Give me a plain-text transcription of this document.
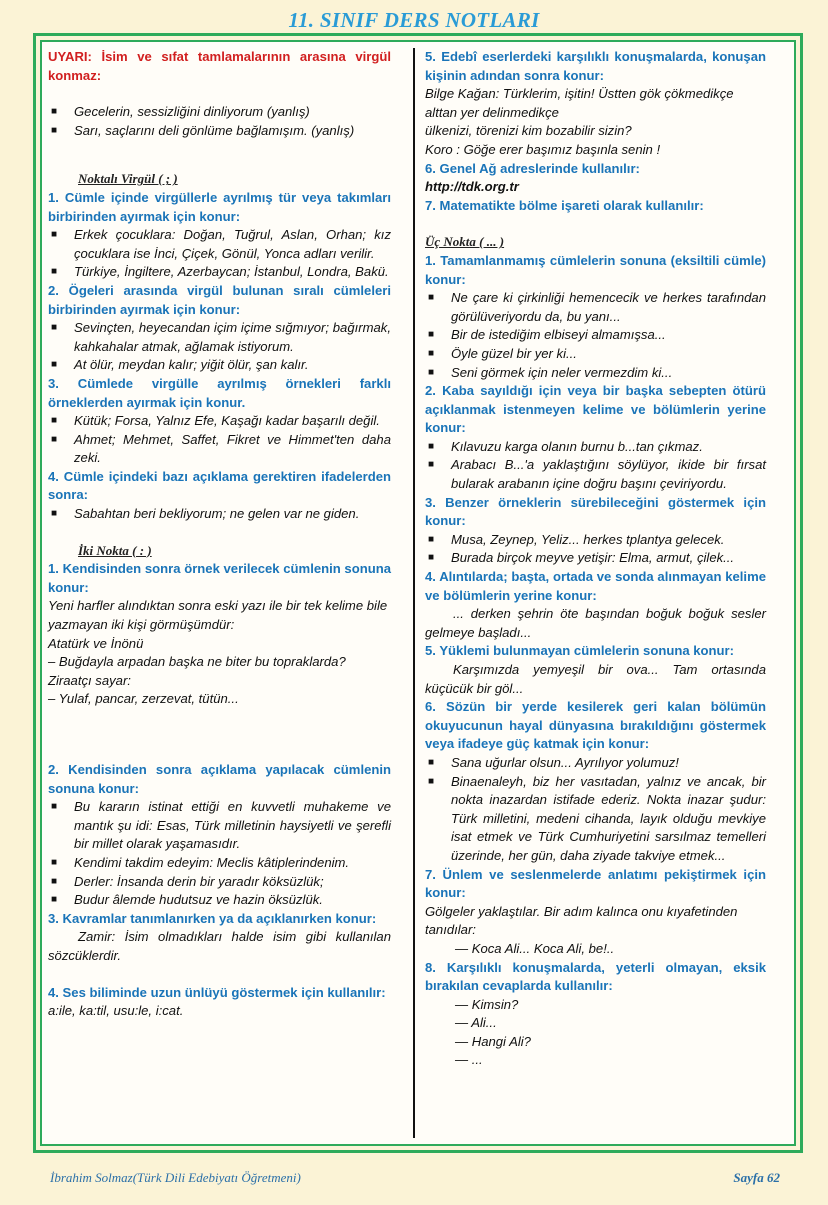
11. SINIF DERS NOTLARI

UYARI: İsim ve sıfat tamlamalarının arasına virgül konmaz:

■ Gecelerin, sessizliğini dinliyorum (yanlış)
■ Sarı, saçlarını deli gönlüme bağlamışım. (yanlış)

Noktalı Virgül ( ; )

1. Cümle içinde virgüllerle ayrılmış tür veya takımları birbirinden ayırmak için konur:

■ Erkek çocuklara: Doğan, Tuğrul, Aslan, Orhan; kız çocuklara ise İnci, Çiçek, Gönül, Yonca adları verilir.
■ Türkiye, İngiltere, Azerbaycan; İstanbul, Londra, Bakü.

2. Ögeleri arasında virgül bulunan sıralı cümleleri birbirinden ayırmak için konur:

■ Sevinçten, heyecandan içim içime sığmıyor; bağırmak, kahkahalar atmak, ağlamak istiyorum.
■ At ölür, meydan kalır; yiğit ölür, şan kalır.

3. Cümlede virgülle ayrılmış örnekleri farklı örneklerden ayırmak için konur.

■ Kütük; Forsa, Yalnız Efe, Kaşağı kadar başarılı değil.
■ Ahmet; Mehmet, Saffet, Fikret ve Himmet'ten daha zeki.

4. Cümle içindeki bazı açıklama gerektiren ifadelerden sonra:

■ Sabahtan beri bekliyorum; ne gelen var ne giden.

İki Nokta ( : )

1. Kendisinden sonra örnek verilecek cümlenin sonuna konur:

Yeni harfler alındıktan sonra eski yazı ile bir tek kelime bile yazmayan iki kişi görmüşümdür:

Atatürk ve İnönü

– Buğdayla arpadan başka ne biter bu topraklarda?

Ziraatçı sayar:

– Yulaf, pancar, zerzevat, tütün...

2. Kendisinden sonra açıklama yapılacak cümlenin sonuna konur:

■ Bu kararın istinat ettiği en kuvvetli muhakeme ve mantık şu idi: Esas, Türk milletinin haysiyetli ve şerefli bir millet olarak yaşamasıdır.
■ Kendimi takdim edeyim: Meclis kâtiplerindenim.
■ Derler: İnsanda derin bir yaradır köksüzlük;
■ Budur âlemde hudutsuz ve hazin öksüzlük.

3. Kavramlar tanımlanırken ya da açıklanırken konur:

Zamir: İsim olmadıkları halde isim gibi kullanılan sözcüklerdir.

4. Ses biliminde uzun ünlüyü göstermek için kullanılır:

a:ile, ka:til, usu:le, i:cat.

5. Edebî eserlerdeki karşılıklı konuşmalarda, konuşan kişinin adından sonra konur:

Bilge Kağan: Türklerim, işitin! Üstten gök çökmedikçe alttan yer delinmedikçe

ülkenizi, törenizi kim bozabilir sizin?

Koro : Göğe erer başımız başınla senin !

6. Genel Ağ adreslerinde kullanılır:

http://tdk.org.tr

7. Matematikte bölme işareti olarak kullanılır:

Üç Nokta ( ... )

1. Tamamlanmamış cümlelerin sonuna (eksiltili cümle) konur:

■ Ne çare ki çirkinliği hemencecik ve herkes tarafından görülüveriyordu da, bu yanı...
■ Bir de istediğim elbiseyi almamışsa...
■ Öyle güzel bir yer ki...
■ Seni görmek için neler vermezdim ki...

2. Kaba sayıldığı için veya bir başka sebepten ötürü açıklanmak istenmeyen kelime ve bölümlerin yerine konur:

■ Kılavuzu karga olanın burnu b...tan çıkmaz.
■ Arabacı B...'a yaklaştığını söylüyor, ikide bir fırsat bularak arabanın içine doğru başını çeviriyordu.

3. Benzer örneklerin sürebileceğini göstermek için konur:

■ Musa, Zeynep, Yeliz... herkes tplantya gelecek.
■ Burada birçok meyve yetişir: Elma, armut, çilek...

4. Alıntılarda; başta, ortada ve sonda alınmayan kelime ve bölümlerin yerine konur:

... derken şehrin öte başından boğuk boğuk sesler gelmeye başladı...

5. Yüklemi bulunmayan cümlelerin sonuna konur:

Karşımızda yemyeşil bir ova... Tam ortasında küçücük bir göl...

6. Sözün bir yerde kesilerek geri kalan bölümün okuyucunun hayal dünyasına bırakıldığını göstermek veya ifadeye güç katmak için konur:

■ Sana uğurlar olsun... Ayrılıyor yolumuz!
■ Binaenaleyh, biz her vasıtadan, yalnız ve ancak, bir nokta inazardan istifade ederiz. Nokta inazar şudur: Türk milletini, medeni cihanda, layık olduğu mevkiye isat etmek ve Türk Cumhuriyetini sarsılmaz temelleri üzerinde, her gün, daha ziyade takviye etmek...

7. Ünlem ve seslenmelerde anlatımı pekiştirmek için konur:

Gölgeler yaklaştılar. Bir adım kalınca onu kıyafetinden tanıdılar:

— Koca Ali... Koca Ali, be!..

8. Karşılıklı konuşmalarda, yeterli olmayan, eksik bırakılan cevaplarda kullanılır:

— Kimsin?

— Ali...

— Hangi Ali?

— ...

İbrahim Solmaz(Türk Dili Edebiyatı Öğretmeni)	Sayfa 62
